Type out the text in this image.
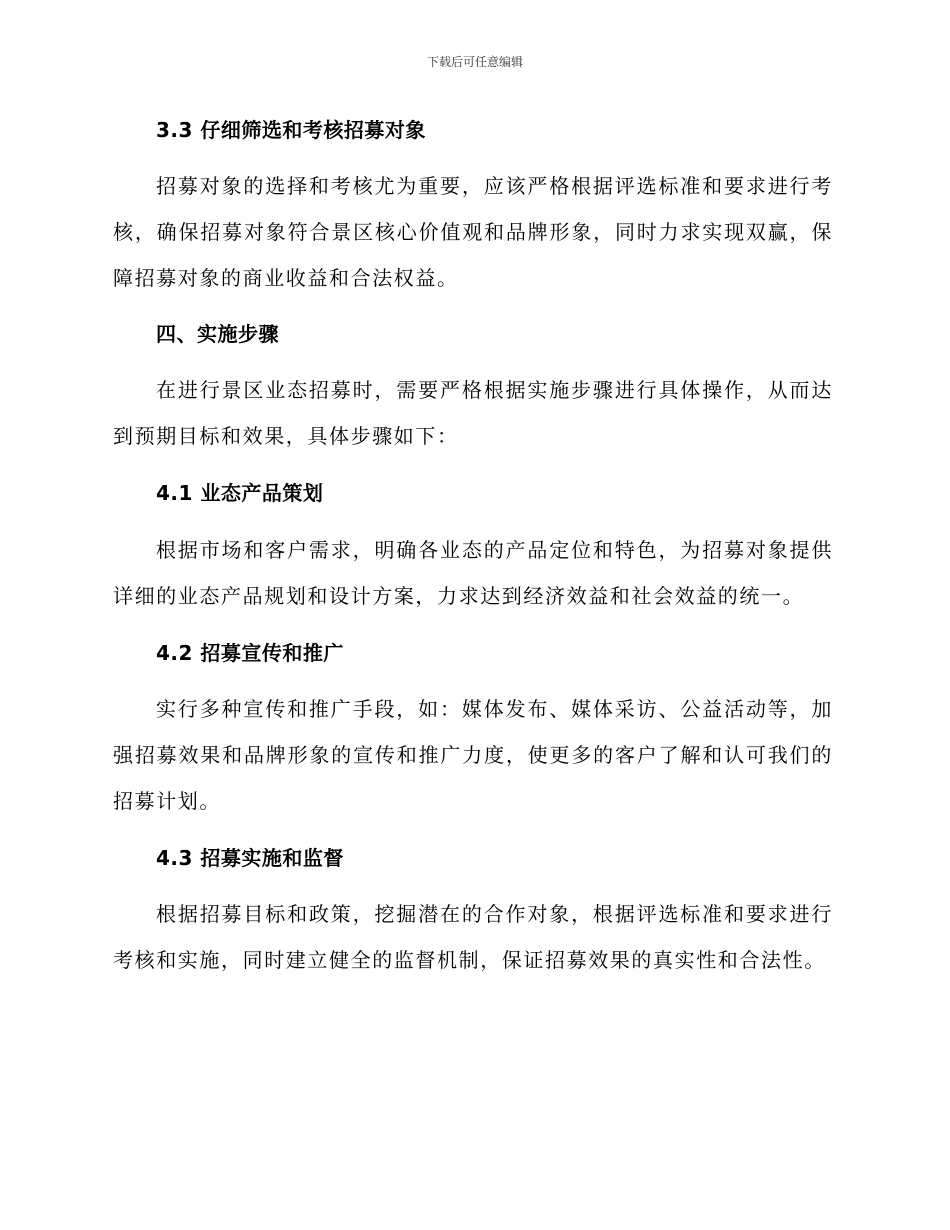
下载后可任意编辑
3.3 仔细筛选和考核招募对象
招募对象的选择和考核尤为重要，应该严格根据评选标准和要求进行考核，确保招募对象符合景区核心价值观和品牌形象，同时力求实现双赢，保障招募对象的商业收益和合法权益。
四、实施步骤
在进行景区业态招募时，需要严格根据实施步骤进行具体操作，从而达到预期目标和效果，具体步骤如下：
4.1 业态产品策划
根据市场和客户需求，明确各业态的产品定位和特色，为招募对象提供详细的业态产品规划和设计方案，力求达到经济效益和社会效益的统一。
4.2 招募宣传和推广
实行多种宣传和推广手段，如：媒体发布、媒体采访、公益活动等，加强招募效果和品牌形象的宣传和推广力度，使更多的客户了解和认可我们的招募计划。
4.3 招募实施和监督
根据招募目标和政策，挖掘潜在的合作对象，根据评选标准和要求进行考核和实施，同时建立健全的监督机制，保证招募效果的真实性和合法性。
